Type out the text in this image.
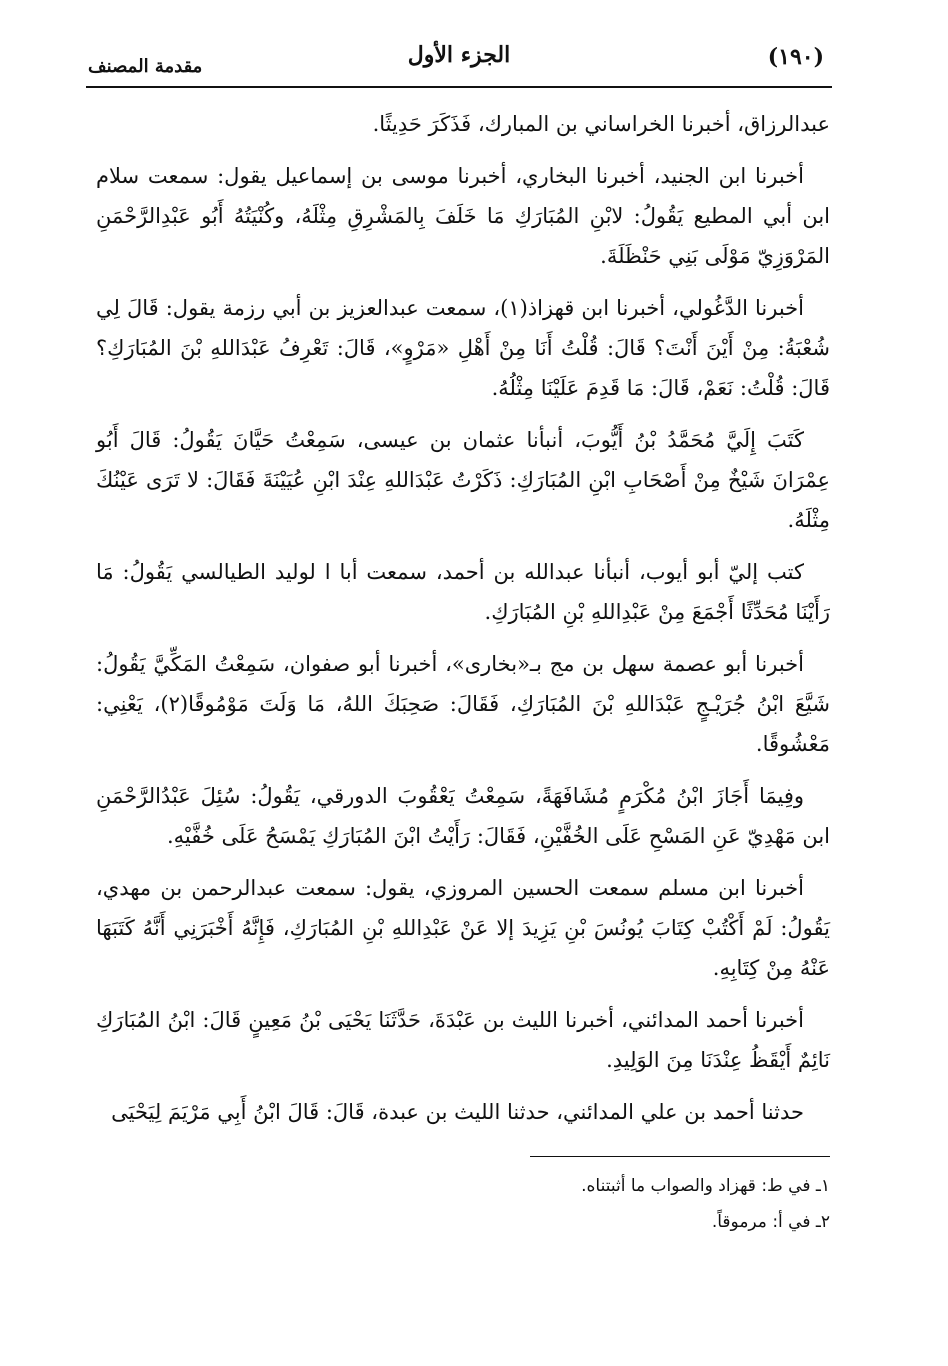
(١٩٠)
الجزء الأول
مقدمة المصنف

عبدالرزاق، أخبرنا الخراساني بن المبارك، فَذَكَرَ حَدِيثًا.

أخبرنا ابن الجنيد، أخبرنا البخاري، أخبرنا موسى بن إسماعيل يقول: سمعت سلام ابن أبي المطيع يَقُولُ: لابْنِ المُبَارَكِ مَا خَلَفَ بِالمَشْرِقِ مِثْلَهُ، وكُنْيَتُهُ أَبُو عَبْدِالرَّحْمَنِ المَرْوَزِيّ مَوْلَى بَنِي حَنْظَلَةَ.

أخبرنا الدَّغُولي، أخبرنا ابن قهزاذ(١)، سمعت عبدالعزيز بن أبي رزمة يقول: قَالَ لِي شُعْبَةُ: مِنْ أَيْنَ أَنْتَ؟ قَالَ: قُلْتُ أَنَا مِنْ أَهْلِ «مَرْوٍ»، قَالَ: تَعْرِفُ عَبْدَاللهِ بْنَ المُبَارَكِ؟ قَالَ: قُلْتُ: نَعَمْ، قَالَ: مَا قَدِمَ عَلَيْنَا مِثْلُهُ.

كَتَبَ إِلَيَّ مُحَمَّدُ بْنُ أَيُّوبَ، أنبأنا عثمان بن عيسى، سَمِعْتُ حَيَّانَ يَقُولُ: قَالَ أَبُو عِمْرَانَ شَيْخٌ مِنْ أَصْحَابِ ابْنِ المُبَارَكِ: ذَكَرْتُ عَبْدَاللهِ عِنْدَ ابْنِ عُيَيْنَةَ فَقَالَ: لا تَرَى عَيْنُكَ مِثْلَهُ.

كتب إليّ أبو أيوب، أنبأنا عبدالله بن أحمد، سمعت أبا ا لوليد الطيالسي يَقُولُ: مَا رَأَيْنَا مُحَدِّثًا أَجْمَعَ مِنْ عَبْدِاللهِ بْنِ المُبَارَكِ.

أخبرنا أبو عصمة سهل بن مج بـ«بخارى»، أخبرنا أبو صفوان، سَمِعْتُ المَكِّيَّ يَقُولُ: شَيَّعَ ابْنُ جُرَيْـجٍ عَبْدَاللهِ بْنَ المُبَارَكِ، فَقَالَ: صَحِبَكَ اللهُ، مَا وَلَتَ مَوْمُوقًا(٢)، يَعْنِي: مَعْشُوقًا.

وفِيمَا أَجَازَ ابْنُ مُكْرَمٍ مُشَافَهَةً، سَمِعْتُ يَعْقُوبَ الدورقي، يَقُولُ: سُئِلَ عَبْدُالرَّحْمَنِ ابن مَهْدِيّ عَنِ المَسْحِ عَلَى الخُفَّيْنِ، فَقَالَ: رَأَيْتُ ابْنَ المُبَارَكِ يَمْسَحُ عَلَى خُفَّيْهِ.

أخبرنا ابن مسلم سمعت الحسين المروزي، يقول: سمعت عبدالرحمن بن مهدي، يَقُولُ: لَمْ أَكْتُبْ كِتَابَ يُونُسَ بْنِ يَزِيدَ إلا عَنْ عَبْدِاللهِ بْنِ المُبَارَكِ، فَإِنَّهُ أَخْبَرَنِي أَنَّهُ كَتَبَهَا عَنْهُ مِنْ كِتَابِهِ.

أخبرنا أحمد المدائني، أخبرنا الليث بن عَبْدَةَ، حَدَّثَنَا يَحْيَى بْنُ مَعِينٍ قَالَ: ابْنُ المُبَارَكِ نَائِمٌ أَيْقَظُ عِنْدَنَا مِنَ الوَلِيدِ.

حدثنا أحمد بن علي المدائني، حدثنا الليث بن عبدة، قَالَ: قَالَ ابْنُ أَبِي مَرْيَمَ لِيَحْيَى

١ـ في ط: قهزاد والصواب ما أثبتناه.

٢ـ في أ: مرموقاً.
